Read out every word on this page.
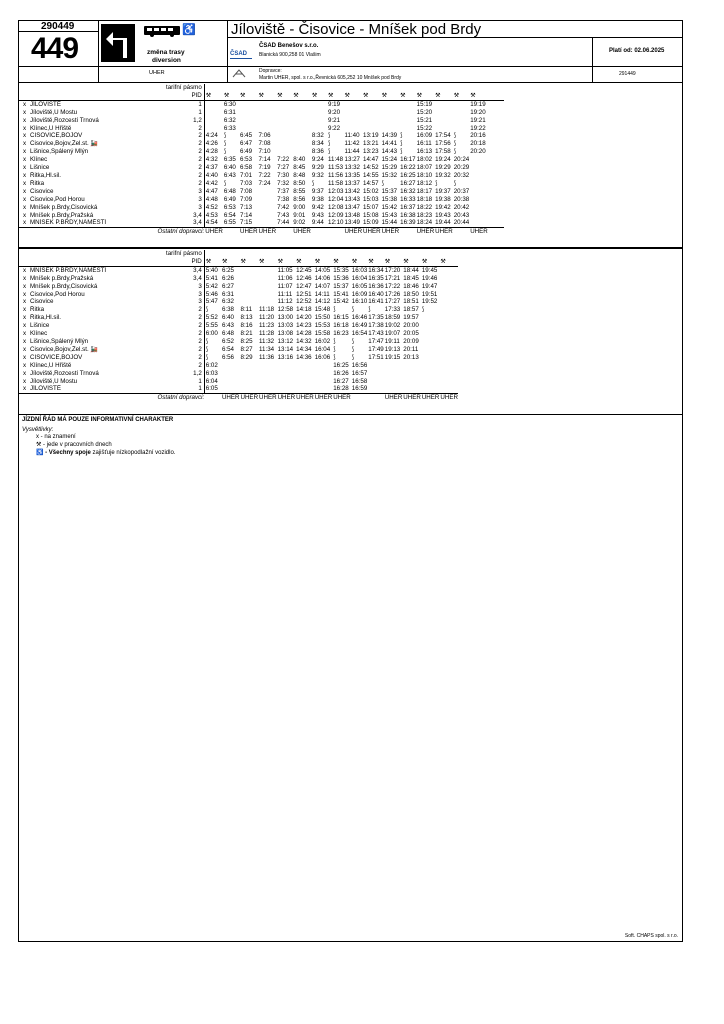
290449
449
♿
změna trasy
diversion
Jíloviště - Čisovice - Mníšek pod Brdy
ČSAD
ČSAD Benešov s.r.o.
Blanická 900,258 01 Vlašim
Platí od: 02.06.2025
UHER	Dopravce:
Martin UHER, spol. s r.o.,Řevnická 605,252 10 Mníšek pod Brdy
291449
		tarifní pásmo																	
		PID	⚒	⚒	⚒	⚒	⚒	⚒	⚒	⚒	⚒	⚒	⚒	⚒	⚒	⚒	⚒	⚒	
x	JÍLOVIŠTĚ	1		6:30						9:19					15:19			19:19	
x	Jíloviště,U Mostu	1		6:31						9:20					15:20			19:20	
x	Jíloviště,Rozcestí Trnová	1,2		6:32						9:21					15:21			19:21	
x	Klínec,U Hřiště	2		6:33						9:22					15:22			19:22	
x	ČISOVICE,BOJOV	2	4:24	⟆	6:45	7:06			8:32	⟆	11:40	13:19	14:39	⟆	16:09	17:54	⟆	20:16	
x	Čisovice,Bojov,Žel.st. 🚂	2	4:26	⟆	6:47	7:08			8:34	⟆	11:42	13:21	14:41	⟆	16:11	17:56	⟆	20:18	
x	Lišnice,Spálený Mlýn	2	4:28	⟆	6:49	7:10			8:36	⟆	11:44	13:23	14:43	⟆	16:13	17:58	⟆	20:20	
x	Klínec	2	4:32	6:35	6:53	7:14	7:22	8:40	9:24	11:48	13:27	14:47	15:24	16:17	18:02	19:24	20:24		
x	Lišnice	2	4:37	6:40	6:58	7:19	7:27	8:45	9:29	11:53	13:32	14:52	15:29	16:22	18:07	19:29	20:29		
x	Řitka,Hl.sil.	2	4:40	6:43	7:01	7:22	7:30	8:48	9:32	11:56	13:35	14:55	15:32	16:25	18:10	19:32	20:32		
x	Řitka	2	4:42	⟆	7:03	7:24	7:32	8:50	⟆	11:58	13:37	14:57	⟆	16:27	18:12	⟆	⟆		
x	Čisovice	3	4:47	6:48	7:08		7:37	8:55	9:37	12:03	13:42	15:02	15:37	16:32	18:17	19:37	20:37		
x	Čisovice,Pod Horou	3	4:48	6:49	7:09		7:38	8:56	9:38	12:04	13:43	15:03	15:38	16:33	18:18	19:38	20:38		
x	Mníšek p.Brdy,Čisovická	3	4:52	6:53	7:13		7:42	9:00	9:42	12:08	13:47	15:07	15:42	16:37	18:22	19:42	20:42		
x	Mníšek p.Brdy,Pražská	3,4	4:53	6:54	7:14		7:43	9:01	9:43	12:09	13:48	15:08	15:43	16:38	18:23	19:43	20:43		
x	MNÍŠEK P.BRDY,NÁMĚSTÍ	3,4	4:54	6:55	7:15		7:44	9:02	9:44	12:10	13:49	15:09	15:44	16:39	18:24	19:44	20:44		
	Ostatní dopravci:		UHER		UHER	UHER		UHER			UHER	UHER	UHER		UHER	UHER		UHER	
		tarifní pásmo														
		PID	⚒	⚒	⚒	⚒	⚒	⚒	⚒	⚒	⚒	⚒	⚒	⚒	⚒	⚒
x	MNÍŠEK P.BRDY,NÁMĚSTÍ	3,4	5:40	6:25			11:05	12:45	14:05	15:35	16:03	16:34	17:20	18:44	19:45	
x	Mníšek p.Brdy,Pražská	3,4	5:41	6:26			11:06	12:46	14:06	15:36	16:04	16:35	17:21	18:45	19:46	
x	Mníšek p.Brdy,Čisovická	3	5:42	6:27			11:07	12:47	14:07	15:37	16:05	16:36	17:22	18:46	19:47	
x	Čisovice,Pod Horou	3	5:46	6:31			11:11	12:51	14:11	15:41	16:09	16:40	17:26	18:50	19:51	
x	Čisovice	3	5:47	6:32			11:12	12:52	14:12	15:42	16:10	16:41	17:27	18:51	19:52	
x	Řitka	2	⟆	6:38	8:11	11:18	12:58	14:18	15:48	⟆	⟆	⟆	17:33	18:57	⟆	
x	Řitka,Hl.sil.	2	5:52	6:40	8:13	11:20	13:00	14:20	15:50	16:15	16:46	17:35	18:59	19:57		
x	Lišnice	2	5:55	6:43	8:16	11:23	13:03	14:23	15:53	16:18	16:49	17:38	19:02	20:00		
x	Klínec	2	6:00	6:48	8:21	11:28	13:08	14:28	15:58	16:23	16:54	17:43	19:07	20:05		
x	Lišnice,Spálený Mlýn	2	⟆	6:52	8:25	11:32	13:12	14:32	16:02	⟆	⟆	17:47	19:11	20:09		
x	Čisovice,Bojov,Žel.st. 🚂	2	⟆	6:54	8:27	11:34	13:14	14:34	16:04	⟆	⟆	17:49	19:13	20:11		
x	ČISOVICE,BOJOV	2	⟆	6:56	8:29	11:36	13:16	14:36	16:06	⟆	⟆	17:51	19:15	20:13		
x	Klínec,U Hřiště	2	6:02							16:25	16:56					
x	Jíloviště,Rozcestí Trnová	1,2	6:03							16:26	16:57					
x	Jíloviště,U Mostu	1	6:04							16:27	16:58					
x	JÍLOVIŠTĚ	1	6:05							16:28	16:59					
	Ostatní dopravci:			UHER	UHER	UHER	UHER	UHER	UHER	UHER			UHER	UHER	UHER	UHER
JÍZDNÍ ŘÁD MÁ POUZE INFORMATIVNÍ CHARAKTER
Vysvětlivky:
x - na znamení
⚒ - jede v pracovních dnech
♿ - Všechny spoje zajišťuje nízkopodlažní vozidlo.
Soft. CHAPS spol. s r.o.
